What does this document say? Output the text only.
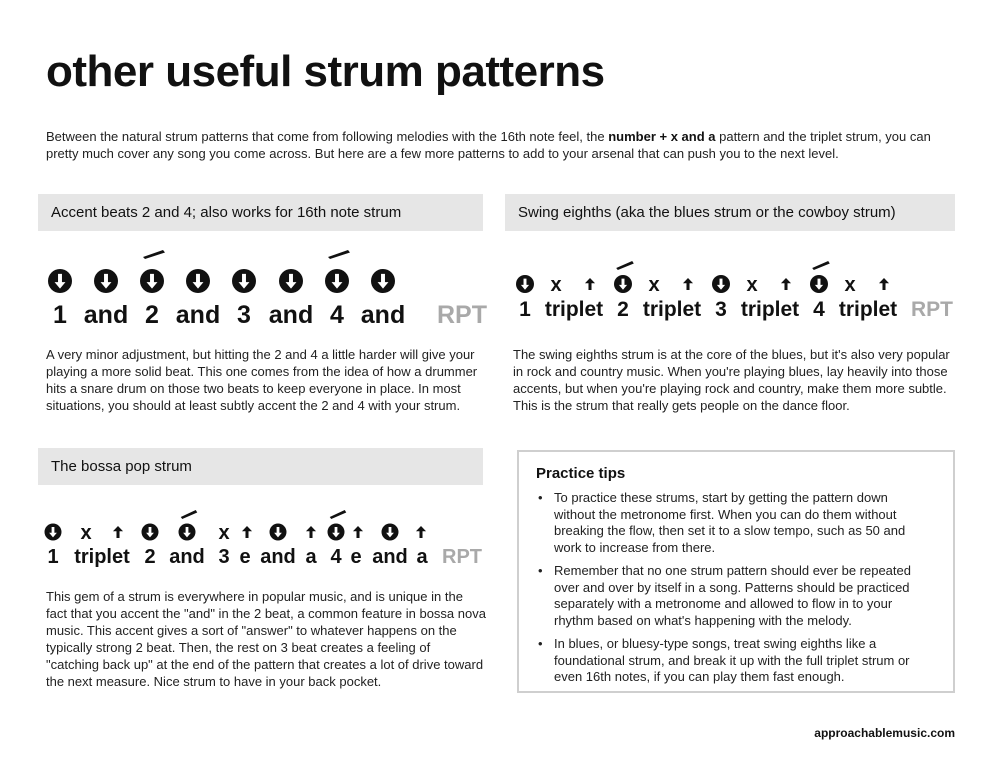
other useful strum patterns

Between the natural strum patterns that come from following melodies with the 16th note feel, the number + x and a pattern and the triplet strum, you can pretty much cover any song you come across. But here are a few more patterns to add to your arsenal that can push you to the next level.

Accent beats 2 and 4; also works for 16th note strum
1 and 2 and 3 and 4 and RPT

A very minor adjustment, but hitting the 2 and 4 a little harder will give your playing a more solid beat. This one comes from the idea of how a drummer hits a snare drum on those two beats to keep everyone in place. In most situations, you should at least subtly accent the 2 and 4 with your strum.

Swing eighths (aka the blues strum or the cowboy strum)
1
x
triplet 2
x
triplet 3
x
triplet 4
x
triplet RPT

The swing eighths strum is at the core of the blues, but it's also very popular in rock and country music. When you're playing blues, lay heavily into those accents, but when you're playing rock and country, make them more subtle. This is the strum that really gets people on the dance floor.

The bossa pop strum
1
x
triplet 2 and
x
3 e and a 4 e and a RPT

This gem of a strum is everywhere in popular music, and is unique in the fact that you accent the "and" in the 2 beat, a common feature in bossa nova music. This accent gives a sort of "answer" to whatever happens on the typically strong 2 beat. Then, the rest on 3 beat creates a feeling of "catching back up" at the end of the pattern that creates a lot of drive toward the next measure. Nice strum to have in your back pocket.

Practice tips
• To practice these strums, start by getting the pattern down without the metronome first. When you can do them without breaking the flow, then set it to a slow tempo, such as 50 and work to increase from there.
• Remember that no one strum pattern should ever be repeated over and over by itself in a song. Patterns should be practiced separately with a metronome and allowed to flow in to your rhythm based on what's happening with the melody.
• In blues, or bluesy-type songs, treat swing eighths like a foundational strum, and break it up with the full triplet strum or even 16th notes, if you can play them fast enough.
approachablemusic.com
